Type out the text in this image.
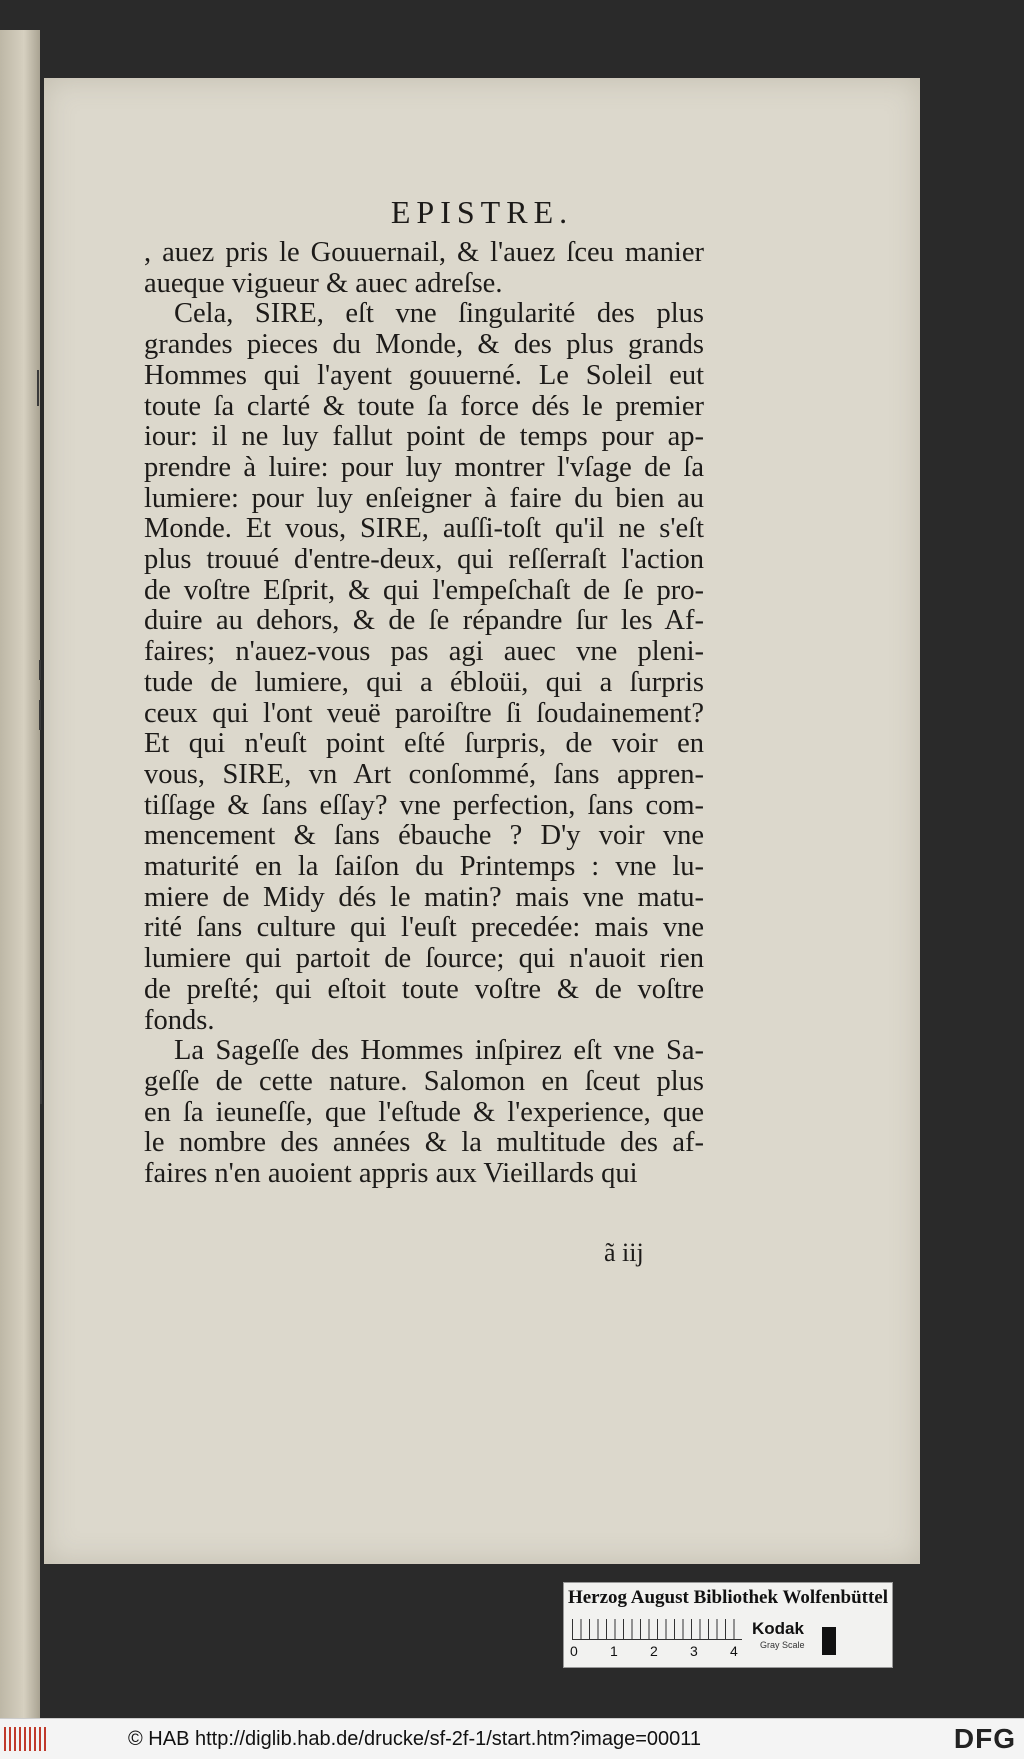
EPISTRE.
, auez pris le Gouuernail, & l'auez ſceu manier
aueque vigueur & auec adreſse.
Cela, SIRE, eſt vne ſingularité des plus
grandes pieces du Monde, & des plus grands
Hommes qui l'ayent gouuerné. Le Soleil eut
toute ſa clarté & toute ſa force dés le premier
iour: il ne luy fallut point de temps pour ap-
prendre à luire: pour luy montrer l'vſage de ſa
lumiere: pour luy enſeigner à faire du bien au
Monde. Et vous, SIRE, auſſi-toſt qu'il ne s'eſt
plus trouué d'entre-deux, qui reſſerraſt l'action
de voſtre Eſprit, & qui l'empeſchaſt de ſe pro-
duire au dehors, & de ſe répandre ſur les Af-
faires; n'auez-vous pas agi auec vne pleni-
tude de lumiere, qui a ébloüi, qui a ſurpris
ceux qui l'ont veuë paroiſtre ſi ſoudainement?
Et qui n'euſt point eſté ſurpris, de voir en
vous, SIRE, vn Art conſommé, ſans appren-
tiſſage & ſans eſſay? vne perfection, ſans com-
mencement & ſans ébauche ? D'y voir vne
maturité en la ſaiſon du Printemps : vne lu-
miere de Midy dés le matin? mais vne matu-
rité ſans culture qui l'euſt precedée: mais vne
lumiere qui partoit de ſource; qui n'auoit rien
de preſté; qui eſtoit toute voſtre & de voſtre
fonds.
La Sageſſe des Hommes inſpirez eſt vne Sa-
geſſe de cette nature. Salomon en ſceut plus
en ſa ieuneſſe, que l'eſtude & l'experience, que
le nombre des années & la multitude des af-
faires n'en auoient appris aux Vieillards qui
ã iij
Herzog August Bibliothek Wolfenbüttel
0 1 2 3 4
Kodak
Gray Scale
© HAB http://diglib.hab.de/drucke/sf-2f-1/start.htm?image=00011	DFG
